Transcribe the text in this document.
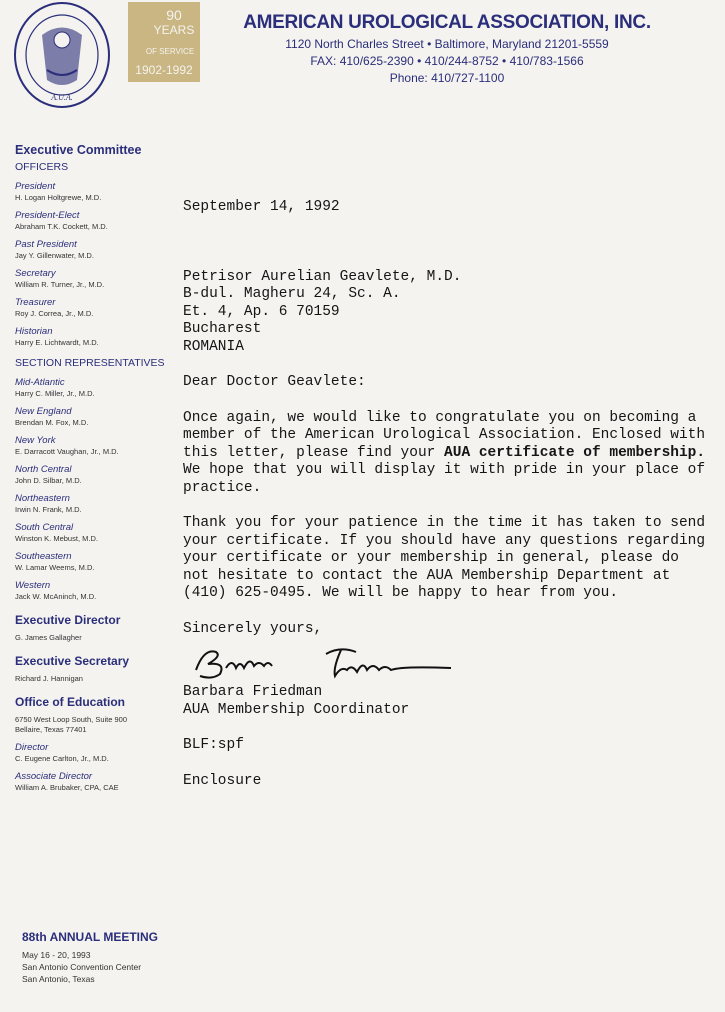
A.U.A.
90
YEARS
OF SERVICE
1902-1992
AMERICAN UROLOGICAL ASSOCIATION, INC.
1120 North Charles Street • Baltimore, Maryland 21201-5559
FAX: 410/625-2390 • 410/244-8752 • 410/783-1566
Phone: 410/727-1100
Executive Committee
OFFICERS
President
H. Logan Holtgrewe, M.D.
President-Elect
Abraham T.K. Cockett, M.D.
Past President
Jay Y. Gillenwater, M.D.
Secretary
William R. Turner, Jr., M.D.
Treasurer
Roy J. Correa, Jr., M.D.
Historian
Harry E. Lichtwardt, M.D.
SECTION REPRESENTATIVES
Mid-Atlantic
Harry C. Miller, Jr., M.D.
New England
Brendan M. Fox, M.D.
New York
E. Darracott Vaughan, Jr., M.D.
North Central
John D. Silbar, M.D.
Northeastern
Irwin N. Frank, M.D.
South Central
Winston K. Mebust, M.D.
Southeastern
W. Lamar Weems, M.D.
Western
Jack W. McAninch, M.D.
Executive Director
G. James Gallagher
Executive Secretary
Richard J. Hannigan
Office of Education
6750 West Loop South, Suite 900
Bellaire, Texas 77401
Director
C. Eugene Carlton, Jr., M.D.
Associate Director
William A. Brubaker, CPA, CAE

September 14, 1992

Petrisor Aurelian Geavlete, M.D.

B-dul. Magheru 24, Sc. A.

Et. 4, Ap. 6 70159

Bucharest

ROMANIA

Dear Doctor Geavlete:

Once again, we would like to congratulate you on becoming a member of the American Urological Association. Enclosed with this letter, please find your AUA certificate of membership. We hope that you will display it with pride in your place of practice.

Thank you for your patience in the time it has taken to send your certificate. If you should have any questions regarding your certificate or your membership in general, please do not hesitate to contact the AUA Membership Department at (410) 625-0495. We will be happy to hear from you.

Sincerely yours,

Barbara Friedman

AUA Membership Coordinator

BLF:spf

Enclosure

88th ANNUAL MEETING
May 16 - 20, 1993
San Antonio Convention Center
San Antonio, Texas
